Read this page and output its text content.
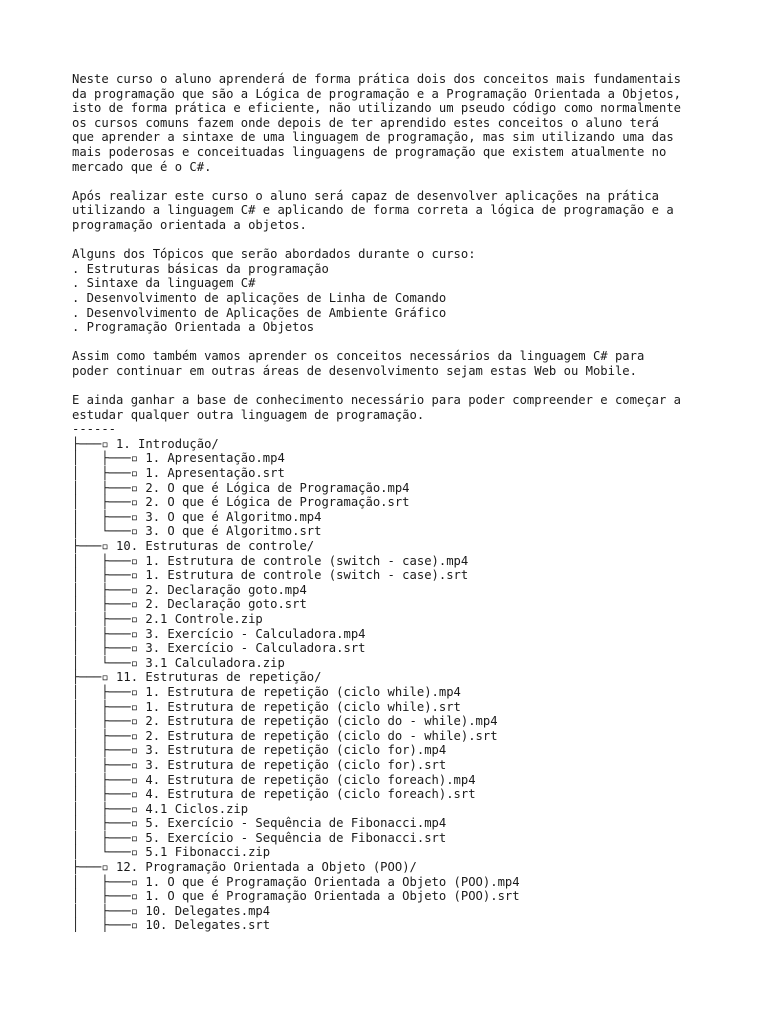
Neste curso o aluno aprenderá de forma prática dois dos conceitos mais fundamentais
da programação que são a Lógica de programação e a Programação Orientada a Objetos,
isto de forma prática e eficiente, não utilizando um pseudo código como normalmente
os cursos comuns fazem onde depois de ter aprendido estes conceitos o aluno terá
que aprender a sintaxe de uma linguagem de programação, mas sim utilizando uma das
mais poderosas e conceituadas linguagens de programação que existem atualmente no
mercado que é o C#.

Após realizar este curso o aluno será capaz de desenvolver aplicações na prática
utilizando a linguagem C# e aplicando de forma correta a lógica de programação e a
programação orientada a objetos.

Alguns dos Tópicos que serão abordados durante o curso:
. Estruturas básicas da programação
. Sintaxe da linguagem C#
. Desenvolvimento de aplicações de Linha de Comando
. Desenvolvimento de Aplicações de Ambiente Gráfico
. Programação Orientada a Objetos

Assim como também vamos aprender os conceitos necessários da linguagem C# para
poder continuar em outras áreas de desenvolvimento sejam estas Web ou Mobile.

E ainda ganhar a base de conhecimento necessário para poder compreender e começar a
estudar qualquer outra linguagem de programação.

------
├───▫ 1. Introdução/
│   ├───▫ 1. Apresentação.mp4
│   ├───▫ 1. Apresentação.srt
│   ├───▫ 2. O que é Lógica de Programação.mp4
│   ├───▫ 2. O que é Lógica de Programação.srt
│   ├───▫ 3. O que é Algoritmo.mp4
│   └───▫ 3. O que é Algoritmo.srt
├───▫ 10. Estruturas de controle/
│   ├───▫ 1. Estrutura de controle (switch - case).mp4
│   ├───▫ 1. Estrutura de controle (switch - case).srt
│   ├───▫ 2. Declaração goto.mp4
│   ├───▫ 2. Declaração goto.srt
│   ├───▫ 2.1 Controle.zip
│   ├───▫ 3. Exercício - Calculadora.mp4
│   ├───▫ 3. Exercício - Calculadora.srt
│   └───▫ 3.1 Calculadora.zip
├───▫ 11. Estruturas de repetição/
│   ├───▫ 1. Estrutura de repetição (ciclo while).mp4
│   ├───▫ 1. Estrutura de repetição (ciclo while).srt
│   ├───▫ 2. Estrutura de repetição (ciclo do - while).mp4
│   ├───▫ 2. Estrutura de repetição (ciclo do - while).srt
│   ├───▫ 3. Estrutura de repetição (ciclo for).mp4
│   ├───▫ 3. Estrutura de repetição (ciclo for).srt
│   ├───▫ 4. Estrutura de repetição (ciclo foreach).mp4
│   ├───▫ 4. Estrutura de repetição (ciclo foreach).srt
│   ├───▫ 4.1 Ciclos.zip
│   ├───▫ 5. Exercício - Sequência de Fibonacci.mp4
│   ├───▫ 5. Exercício - Sequência de Fibonacci.srt
│   └───▫ 5.1 Fibonacci.zip
├───▫ 12. Programação Orientada a Objeto (POO)/
│   ├───▫ 1. O que é Programação Orientada a Objeto (POO).mp4
│   ├───▫ 1. O que é Programação Orientada a Objeto (POO).srt
│   ├───▫ 10. Delegates.mp4
│   ├───▫ 10. Delegates.srt
